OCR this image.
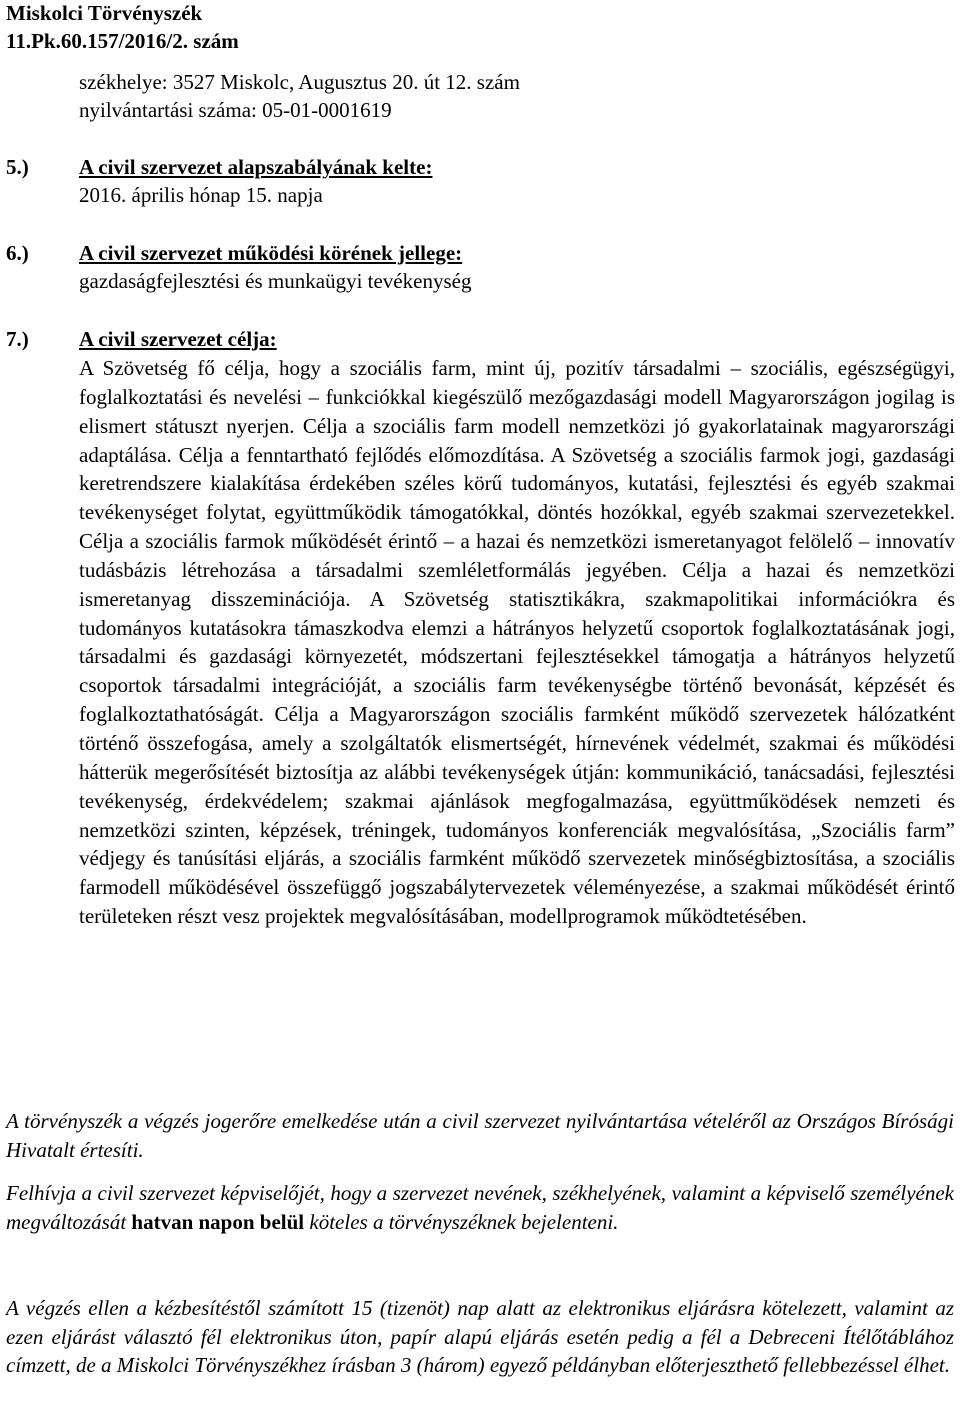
Miskolci Törvényszék
11.Pk.60.157/2016/2. szám
székhelye: 3527 Miskolc, Augusztus 20. út 12. szám
nyilvántartási száma: 05-01-0001619
5.) A civil szervezet alapszabályának kelte:
2016. április hónap 15. napja
6.) A civil szervezet működési körének jellege:
gazdaságfejlesztési és munkaügyi tevékenység
7.) A civil szervezet célja:

A Szövetség fő célja, hogy a szociális farm, mint új, pozitív társadalmi – szociális, egészségügyi, foglalkoztatási és nevelési – funkciókkal kiegészülő mezőgazdasági modell Magyarországon jogilag is elismert státuszt nyerjen. Célja a szociális farm modell nemzetközi jó gyakorlatainak magyarországi adaptálása. Célja a fenntartható fejlődés előmozdítása. A Szövetség a szociális farmok jogi, gazdasági keretrendszere kialakítása érdekében széles körű tudományos, kutatási, fejlesztési és egyéb szakmai tevékenységet folytat, együttműködik támogatókkal, döntés hozókkal, egyéb szakmai szervezetekkel. Célja a szociális farmok működését érintő – a hazai és nemzetközi ismeretanyagot felölelő – innovatív tudásbázis létrehozása a társadalmi szemléletformálás jegyében. Célja a hazai és nemzetközi ismeretanyag disszeminációja. A Szövetség statisztikákra, szakmapolitikai információkra és tudományos kutatásokra támaszkodva elemzi a hátrányos helyzetű csoportok foglalkoztatásának jogi, társadalmi és gazdasági környezetét, módszertani fejlesztésekkel támogatja a hátrányos helyzetű csoportok társadalmi integrációját, a szociális farm tevékenységbe történő bevonását, képzését és foglalkoztathatóságát. Célja a Magyarországon szociális farmként működő szervezetek hálózatként történő összefogása, amely a szolgáltatók elismertségét, hírnevének védelmét, szakmai és működési hátterük megerősítését biztosítja az alábbi tevékenységek útján: kommunikáció, tanácsadási, fejlesztési tevékenység, érdekvédelem; szakmai ajánlások megfogalmazása, együttműködések nemzeti és nemzetközi szinten, képzések, tréningek, tudományos konferenciák megvalósítása, „Szociális farm” védjegy és tanúsítási eljárás, a szociális farmként működő szervezetek minőségbiztosítása, a szociális farmodell működésével összefüggő jogszabálytervezetek véleményezése, a szakmai működését érintő területeken részt vesz projektek megvalósításában, modellprogramok működtetésében.

A törvényszék a végzés jogerőre emelkedése után a civil szervezet nyilvántartása vételéről az Országos Bírósági Hivatalt értesíti.

Felhívja a civil szervezet képviselőjét, hogy a szervezet nevének, székhelyének, valamint a képviselő személyének megváltozását hatvan napon belül köteles a törvényszéknek bejelenteni.

A végzés ellen a kézbesítéstől számított 15 (tizenöt) nap alatt az elektronikus eljárásra kötelezett, valamint az ezen eljárást választó fél elektronikus úton, papír alapú eljárás esetén pedig a fél a Debreceni Ítélőtáblához címzett, de a Miskolci Törvényszékhez írásban 3 (három) egyező példányban előterjeszthető fellebbezéssel élhet.
